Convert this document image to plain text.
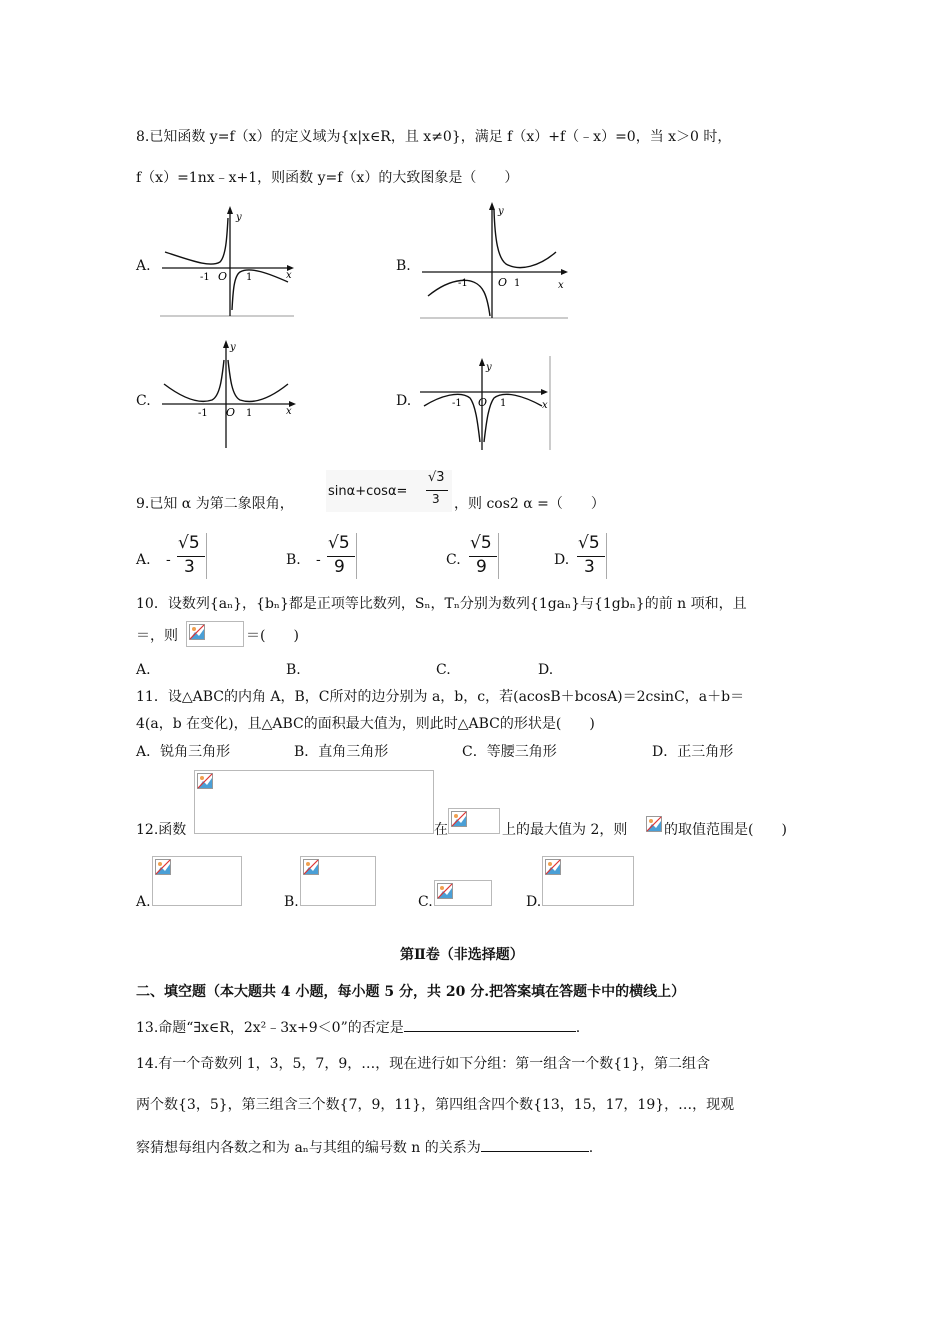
8.已知函数 y=f（x）的定义域为{x|x∈R，且 x≠0}，满足 f（x）+f（﹣x）=0，当 x＞0 时，
f（x）=1nx﹣x+1，则函数 y=f（x）的大致图象是（　　）
A.
y
x
-1 O 1
B.
y
x
-1	O 1
C.
y
x
-1 O 1
D.
y
x
-1 O 1
9.已知 α 为第二象限角，
sinα+cosα=
√3
3 ，则 cos2 α =（　　）
A. -
√5
3	B. -
√5
9	C.
√5
9	D.
√5
3
10．设数列{aₙ}，{bₙ}都是正项等比数列，Sₙ，Tₙ分别为数列{1gaₙ}与{1gbₙ}的前 n 项和，且
＝，则	＝(　　)
A.	B.	C.	D.
11．设△ABC的内角 A，B，C所对的边分别为 a，b，c，若(acosB＋bcosA)＝2csinC，a＋b＝
4(a，b 在变化)，且△ABC的面积最大值为，则此时△ABC的形状是(　　)
A．锐角三角形	B．直角三角形	C．等腰三角形	D．正三角形
12.函数	在	上的最大值为 2，则	的取值范围是(　　)
A.	B.	C.	D.
第Ⅱ卷（非选择题）
二、填空题（本大题共 4 小题，每小题 5 分，共 20 分.把答案填在答题卡中的横线上）
13.命题“∃x∈R，2x²﹣3x+9＜0”的否定是	.
14.有一个奇数列 1，3，5，7，9，…，现在进行如下分组：第一组含一个数{1}，第二组含
两个数{3，5}，第三组含三个数{7，9，11}，第四组含四个数{13，15，17，19}，…，现观
察猜想每组内各数之和为 aₙ与其组的编号数 n 的关系为	.
